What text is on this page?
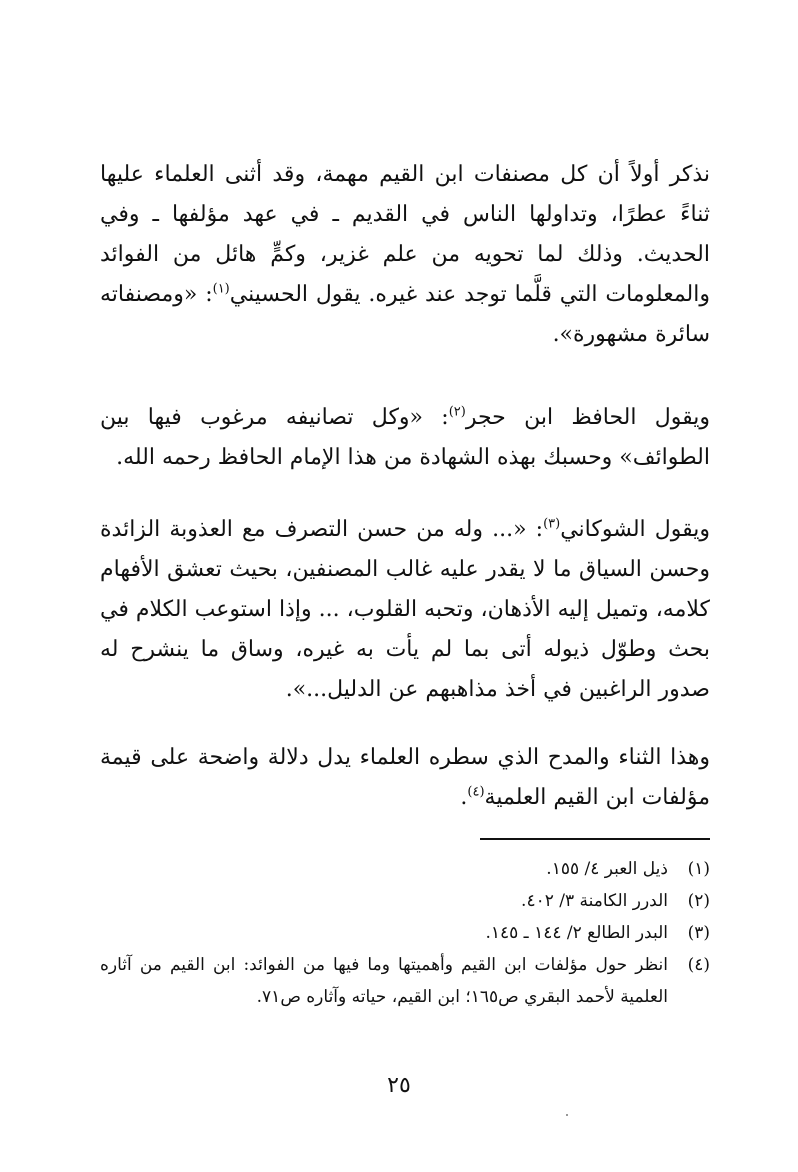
نذكر أولاً أن كل مصنفات ابن القيم مهمة، وقد أثنى العلماء عليها ثناءً عطرًا، وتداولها الناس في القديم ـ في عهد مؤلفها ـ وفي الحديث. وذلك لما تحويه من علم غزير، وكمٍّ هائل من الفوائد والمعلومات التي قلَّما توجد عند غيره. يقول الحسيني$^{(١)}$: «ومصنفاته سائرة مشهورة».

ويقول الحافظ ابن حجر$^{(٢)}$: «وكل تصانيفه مرغوب فيها بين الطوائف» وحسبك بهذه الشهادة من هذا الإمام الحافظ رحمه الله.

ويقول الشوكاني$^{(٣)}$: «... وله من حسن التصرف مع العذوبة الزائدة وحسن السياق ما لا يقدر عليه غالب المصنفين، بحيث تعشق الأفهام كلامه، وتميل إليه الأذهان، وتحبه القلوب، ... وإذا استوعب الكلام في بحث وطوّل ذيوله أتى بما لم يأت به غيره، وساق ما ينشرح له صدور الراغبين في أخذ مذاهبهم عن الدليل...».

وهذا الثناء والمدح الذي سطره العلماء يدل دلالة واضحة على قيمة مؤلفات ابن القيم العلمية$^{(٤)}$.

(١)
ذيل العبر ٤/ ١٥٥.
(٢)
الدرر الكامنة ٣/ ٤٠٢.
(٣)
البدر الطالع ٢/ ١٤٤ ـ ١٤٥.
(٤)
انظر حول مؤلفات ابن القيم وأهميتها وما فيها من الفوائد: ابن القيم من آثاره العلمية لأحمد البقري ص١٦٥؛ ابن القيم، حياته وآثاره ص٧١.
٢٥
